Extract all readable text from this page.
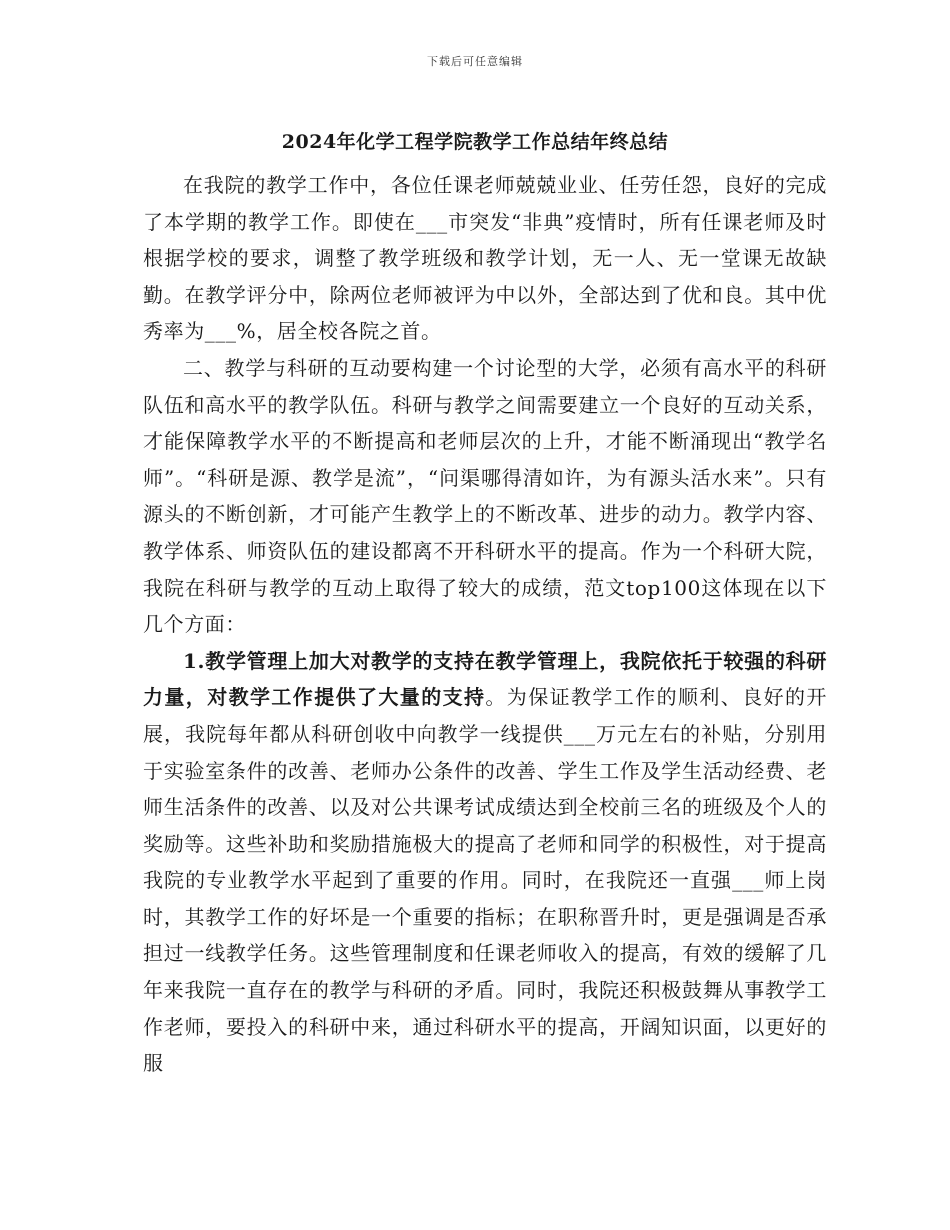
下载后可任意编辑
2024年化学工程学院教学工作总结年终总结

在我院的教学工作中，各位任课老师兢兢业业、任劳任怨，良好的完成了本学期的教学工作。即使在___市突发“非典”疫情时，所有任课老师及时根据学校的要求，调整了教学班级和教学计划，无一人、无一堂课无故缺勤。在教学评分中，除两位老师被评为中以外，全部达到了优和良。其中优秀率为___%，居全校各院之首。

二、教学与科研的互动要构建一个讨论型的大学，必须有高水平的科研队伍和高水平的教学队伍。科研与教学之间需要建立一个良好的互动关系，才能保障教学水平的不断提高和老师层次的上升，才能不断涌现出“教学名师”。“科研是源、教学是流”，“问渠哪得清如许，为有源头活水来”。只有源头的不断创新，才可能产生教学上的不断改革、进步的动力。教学内容、教学体系、师资队伍的建设都离不开科研水平的提高。作为一个科研大院，我院在科研与教学的互动上取得了较大的成绩，范文top100这体现在以下几个方面：

1.教学管理上加大对教学的支持在教学管理上，我院依托于较强的科研力量，对教学工作提供了大量的支持。为保证教学工作的顺利、良好的开展，我院每年都从科研创收中向教学一线提供___万元左右的补贴，分别用于实验室条件的改善、老师办公条件的改善、学生工作及学生活动经费、老师生活条件的改善、以及对公共课考试成绩达到全校前三名的班级及个人的奖励等。这些补助和奖励措施极大的提高了老师和同学的积极性，对于提高我院的专业教学水平起到了重要的作用。同时，在我院还一直强___师上岗时，其教学工作的好坏是一个重要的指标；在职称晋升时，更是强调是否承担过一线教学任务。这些管理制度和任课老师收入的提高，有效的缓解了几年来我院一直存在的教学与科研的矛盾。同时，我院还积极鼓舞从事教学工作老师，要投入的科研中来，通过科研水平的提高，开阔知识面，以更好的服
